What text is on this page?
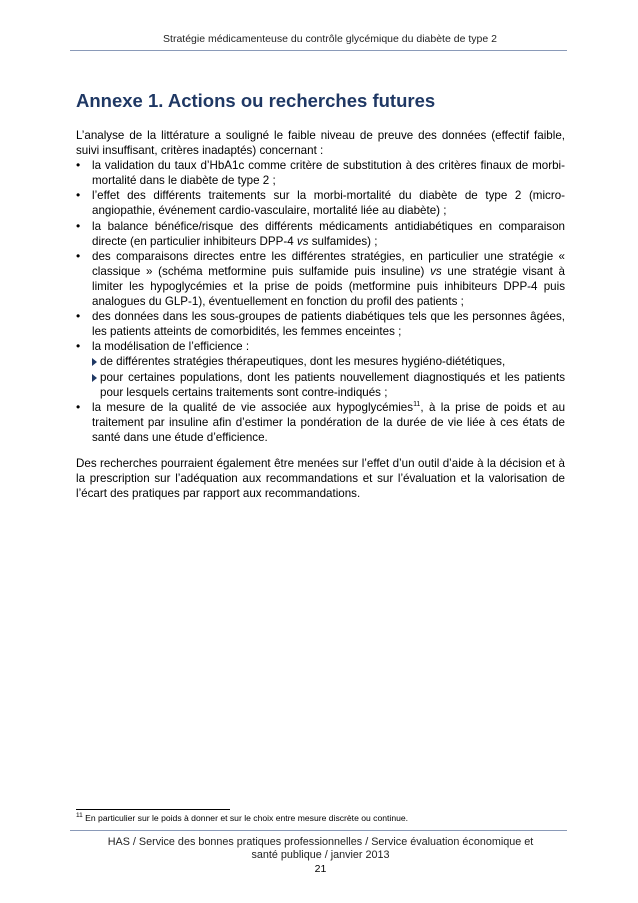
Stratégie médicamenteuse du contrôle glycémique du diabète de type 2
Annexe 1. Actions ou recherches futures

L’analyse de la littérature a souligné le faible niveau de preuve des données (effectif faible, suivi insuffisant, critères inadaptés) concernant :

• la validation du taux d’HbA1c comme critère de substitution à des critères finaux de morbi-mortalité dans le diabète de type 2 ;
• l’effet des différents traitements sur la morbi-mortalité du diabète de type 2 (micro-angiopathie, événement cardio-vasculaire, mortalité liée au diabète) ;
• la balance bénéfice/risque des différents médicaments antidiabétiques en comparaison directe (en particulier inhibiteurs DPP-4 vs sulfamides) ;
• des comparaisons directes entre les différentes stratégies, en particulier une stratégie « classique » (schéma metformine puis sulfamide puis insuline) vs une stratégie visant à limiter les hypoglycémies et la prise de poids (metformine puis inhibiteurs DPP-4 puis analogues du GLP-1), éventuellement en fonction du profil des patients ;
• des données dans les sous-groupes de patients diabétiques tels que les personnes âgées, les patients atteints de comorbidités, les femmes enceintes ;
• la modélisation de l’efficience :
de différentes stratégies thérapeutiques, dont les mesures hygiéno-diététiques,
pour certaines populations, dont les patients nouvellement diagnostiqués et les patients pour lesquels certains traitements sont contre-indiqués ;
• la mesure de la qualité de vie associée aux hypoglycémies$^{11}$, à la prise de poids et au traitement par insuline afin d’estimer la pondération de la durée de vie liée à ces états de santé dans une étude d’efficience.

Des recherches pourraient également être menées sur l’effet d’un outil d’aide à la décision et à la prescription sur l’adéquation aux recommandations et sur l’évaluation et la valorisation de l’écart des pratiques par rapport aux recommandations.

$^{11}$ En particulier sur le poids à donner et sur le choix entre mesure discrète ou continue.
HAS / Service des bonnes pratiques professionnelles / Service évaluation économique et
santé publique / janvier 2013
21
